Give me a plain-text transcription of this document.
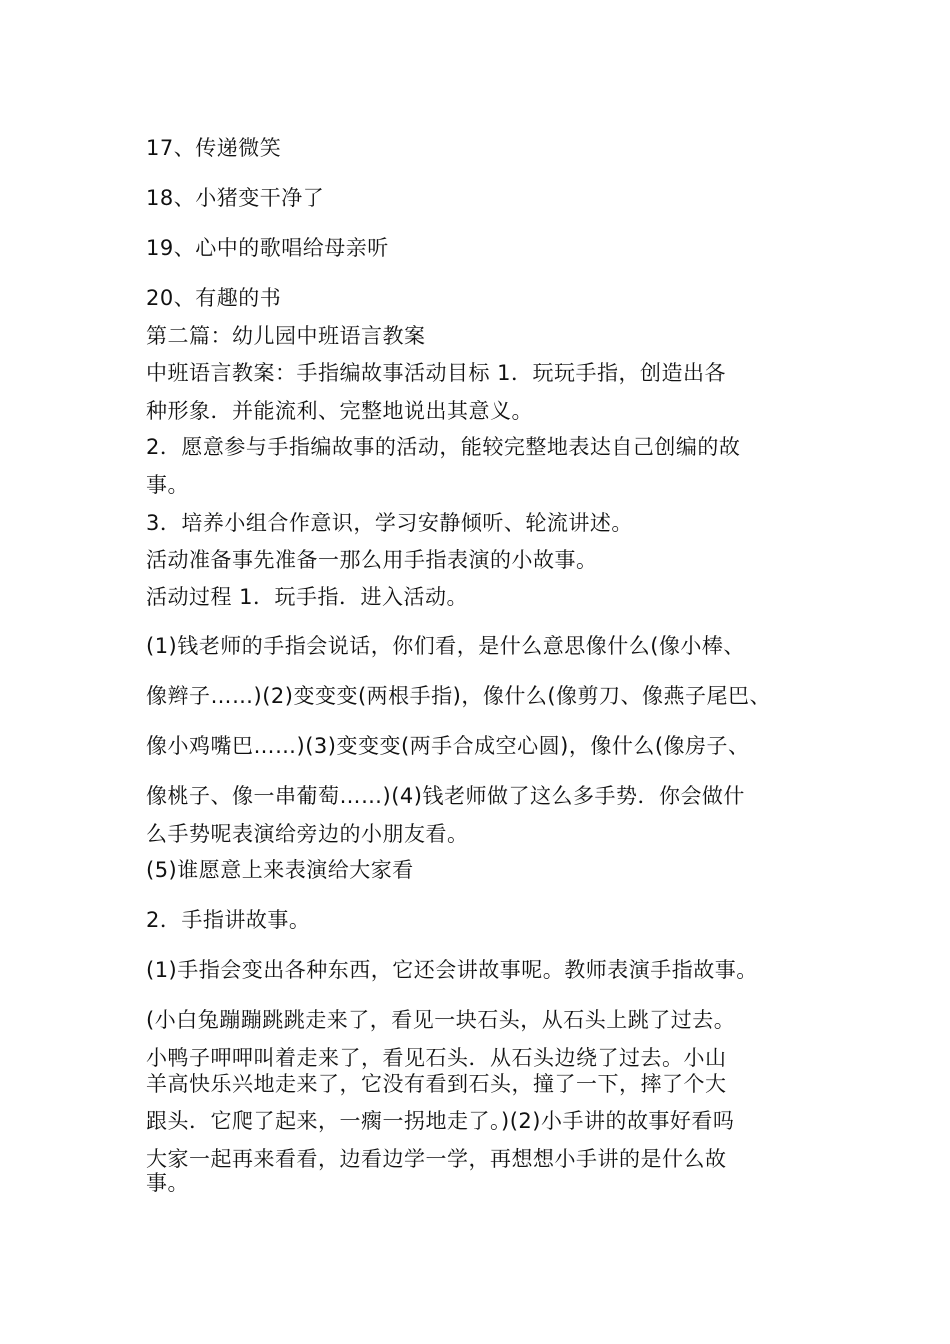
17、传递微笑
18、小猪变干净了
19、心中的歌唱给母亲听
20、有趣的书
第二篇：幼儿园中班语言教案
中班语言教案：手指编故事活动目标 1．玩玩手指，创造出各
种形象．并能流利、完整地说出其意义。
2．愿意参与手指编故事的活动，能较完整地表达自己创编的故
事。
3．培养小组合作意识，学习安静倾听、轮流讲述。
活动准备事先准备一那么用手指表演的小故事。
活动过程 1．玩手指．进入活动。
(1)钱老师的手指会说话，你们看，是什么意思像什么(像小棒、
像辫子……)(2)变变变(两根手指)，像什么(像剪刀、像燕子尾巴、
像小鸡嘴巴……)(3)变变变(两手合成空心圆)，像什么(像房子、
像桃子、像一串葡萄……)(4)钱老师做了这么多手势．你会做什
么手势呢表演给旁边的小朋友看。
(5)谁愿意上来表演给大家看
2．手指讲故事。
(1)手指会变出各种东西，它还会讲故事呢。教师表演手指故事。
(小白兔蹦蹦跳跳走来了，看见一块石头，从石头上跳了过去。
小鸭子呷呷叫着走来了，看见石头．从石头边绕了过去。小山
羊高快乐兴地走来了，它没有看到石头，撞了一下，摔了个大
跟头．它爬了起来，一瘸一拐地走了。)(2)小手讲的故事好看吗
大家一起再来看看，边看边学一学，再想想小手讲的是什么故
事。
